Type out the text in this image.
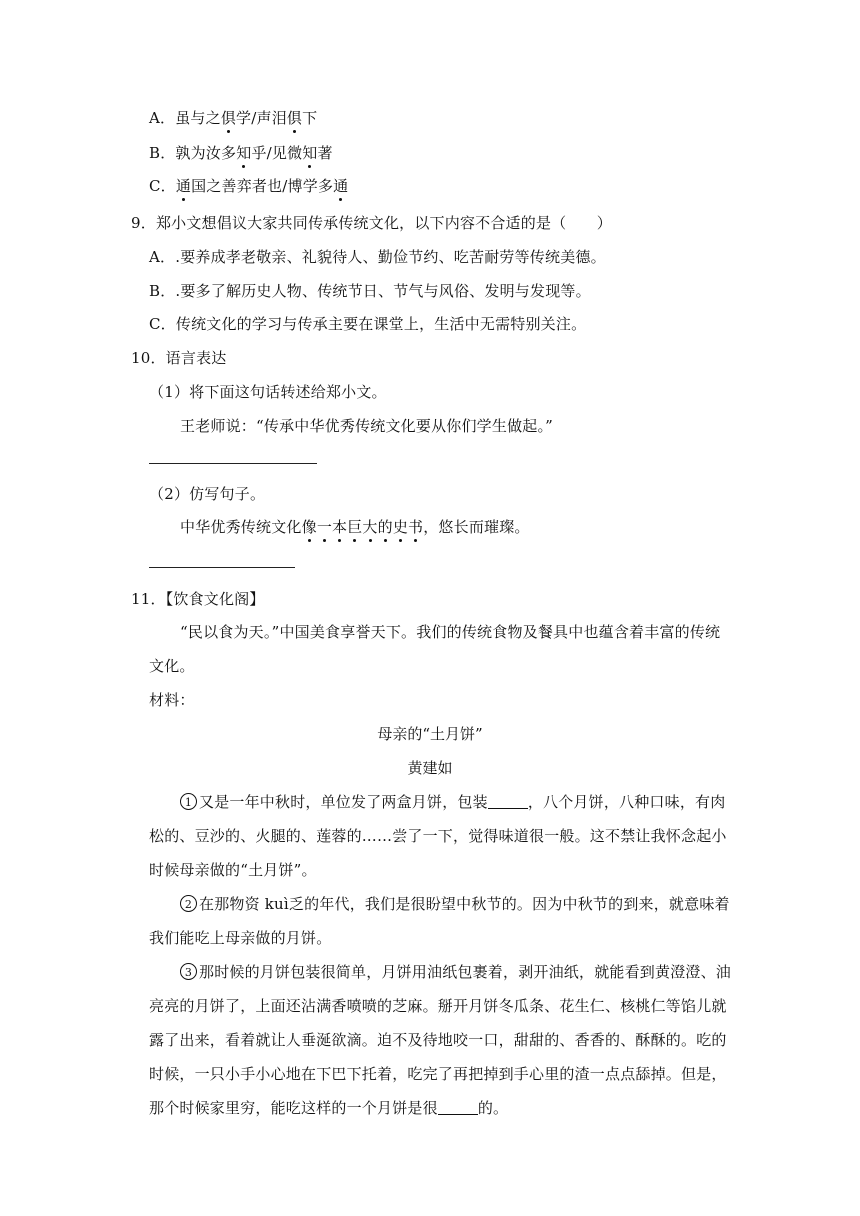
A．虽与之俱学/声泪俱下
B．孰为汝多知乎/见微知著
C．通国之善弈者也/博学多通
9．郑小文想倡议大家共同传承传统文化，以下内容不合适的是（　　）
A．.要养成孝老敬亲、礼貌待人、勤俭节约、吃苦耐劳等传统美德。
B．.要多了解历史人物、传统节日、节气与风俗、发明与发现等。
C．传统文化的学习与传承主要在课堂上，生活中无需特别关注。
10．语言表达
（1）将下面这句话转述给郑小文。
王老师说：“传承中华优秀传统文化要从你们学生做起。”
（2）仿写句子。
中华优秀传统文化像一本巨大的史书，悠长而璀璨。
11．【饮食文化阁】
“民以食为天。”中国美食享誉天下。我们的传统食物及餐具中也蕴含着丰富的传统
文化。
材料：
母亲的“土月饼”
黄建如
1 又是一年中秋时，单位发了两盒月饼，包装	，八个月饼，八种口味，有肉
松的、豆沙的、火腿的、莲蓉的……尝了一下，觉得味道很一般。这不禁让我怀念起小
时候母亲做的“土月饼”。
2 在那物资 kuì乏的年代，我们是很盼望中秋节的。因为中秋节的到来，就意味着
我们能吃上母亲做的月饼。
3 那时候的月饼包装很简单，月饼用油纸包裹着，剥开油纸，就能看到黄澄澄、油
亮亮的月饼了，上面还沾满香喷喷的芝麻。掰开月饼冬瓜条、花生仁、核桃仁等馅儿就
露了出来，看着就让人垂涎欲滴。迫不及待地咬一口，甜甜的、香香的、酥酥的。吃的
时候，一只小手小心地在下巴下托着，吃完了再把掉到手心里的渣一点点舔掉。但是，
那个时候家里穷，能吃这样的一个月饼是很	的。
